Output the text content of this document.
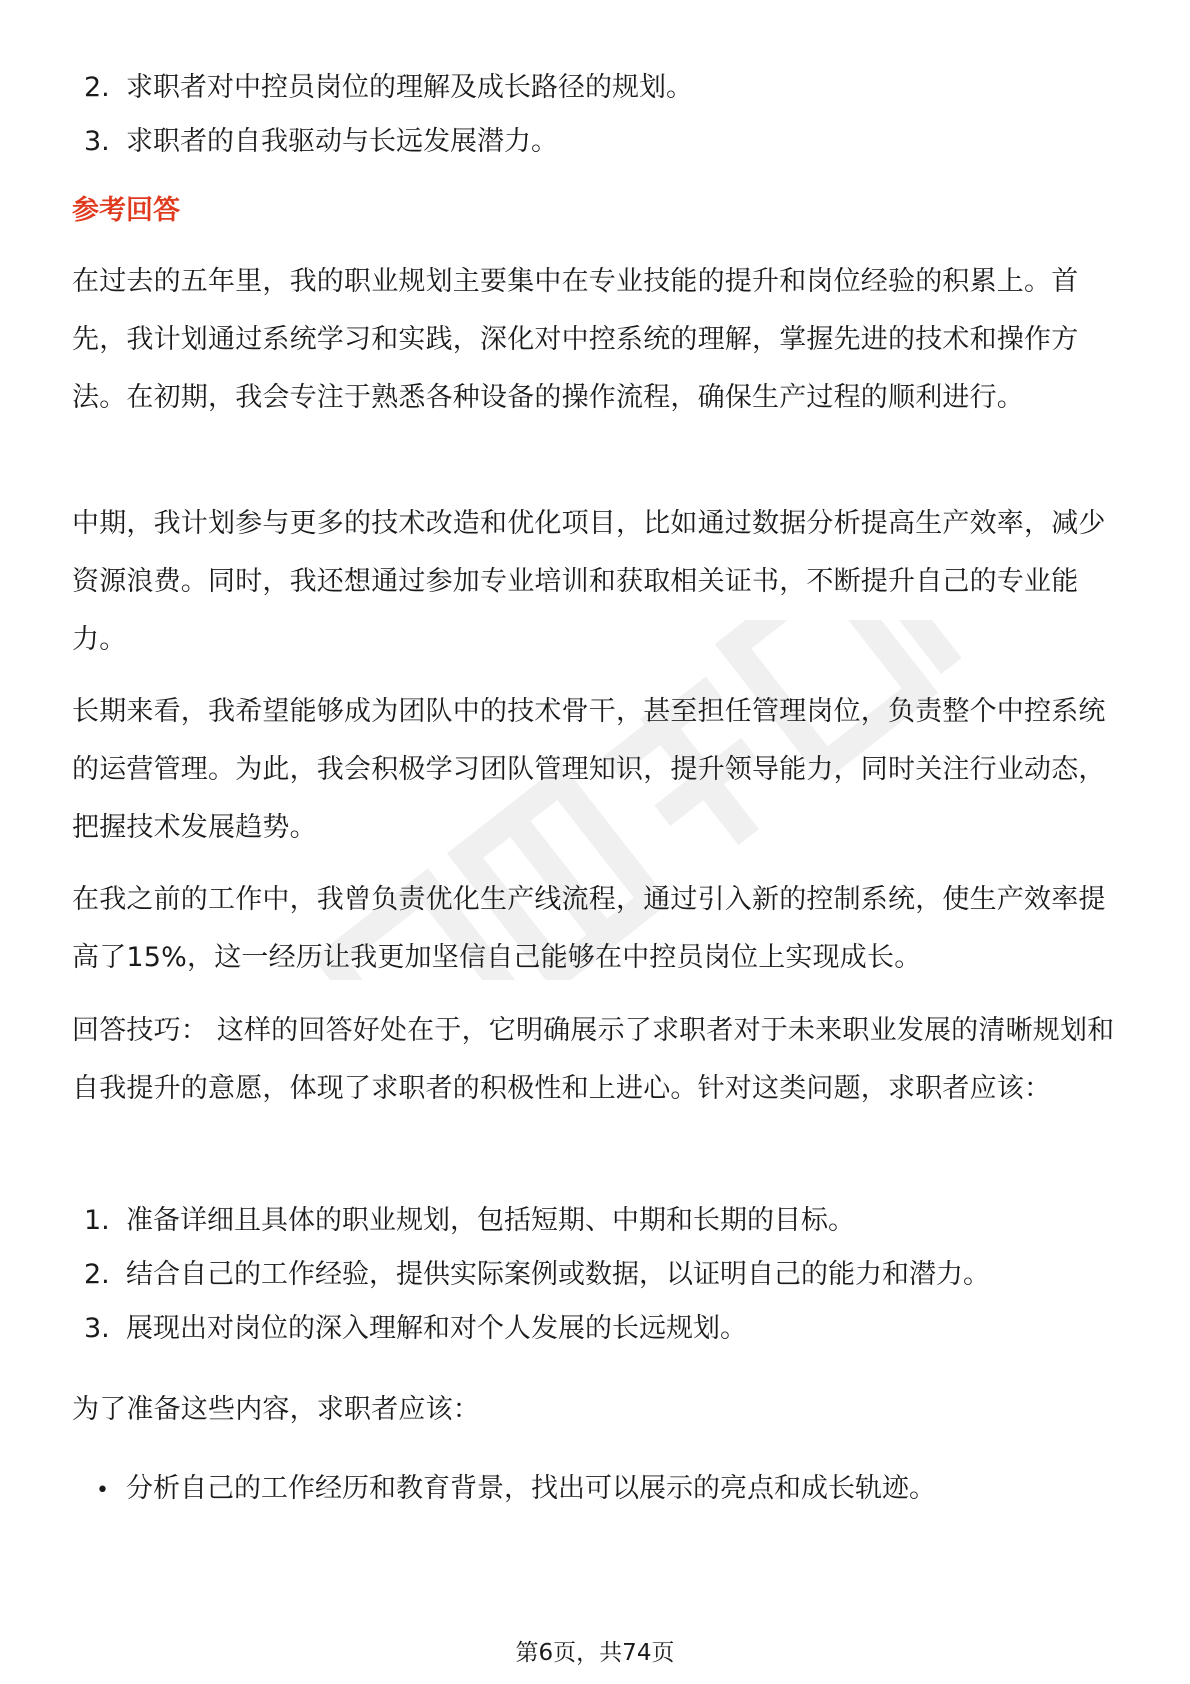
2. 求职者对中控员岗位的理解及成长路径的规划。
3. 求职者的自我驱动与长远发展潜力。
参考回答
在过去的五年里，我的职业规划主要集中在专业技能的提升和岗位经验的积累上。首先，我计划通过系统学习和实践，深化对中控系统的理解，掌握先进的技术和操作方法。在初期，我会专注于熟悉各种设备的操作流程，确保生产过程的顺利进行。
中期，我计划参与更多的技术改造和优化项目，比如通过数据分析提高生产效率，减少资源浪费。同时，我还想通过参加专业培训和获取相关证书，不断提升自己的专业能力。
长期来看，我希望能够成为团队中的技术骨干，甚至担任管理岗位，负责整个中控系统的运营管理。为此，我会积极学习团队管理知识，提升领导能力，同时关注行业动态，把握技术发展趋势。
在我之前的工作中，我曾负责优化生产线流程，通过引入新的控制系统，使生产效率提高了15%，这一经历让我更加坚信自己能够在中控员岗位上实现成长。
回答技巧： 这样的回答好处在于，它明确展示了求职者对于未来职业发展的清晰规划和自我提升的意愿，体现了求职者的积极性和上进心。针对这类问题，求职者应该：
1. 准备详细且具体的职业规划，包括短期、中期和长期的目标。
2. 结合自己的工作经验，提供实际案例或数据，以证明自己的能力和潜力。
3. 展现出对岗位的深入理解和对个人发展的长远规划。
为了准备这些内容，求职者应该：
• 分析自己的工作经历和教育背景，找出可以展示的亮点和成长轨迹。
第6页，共74页
